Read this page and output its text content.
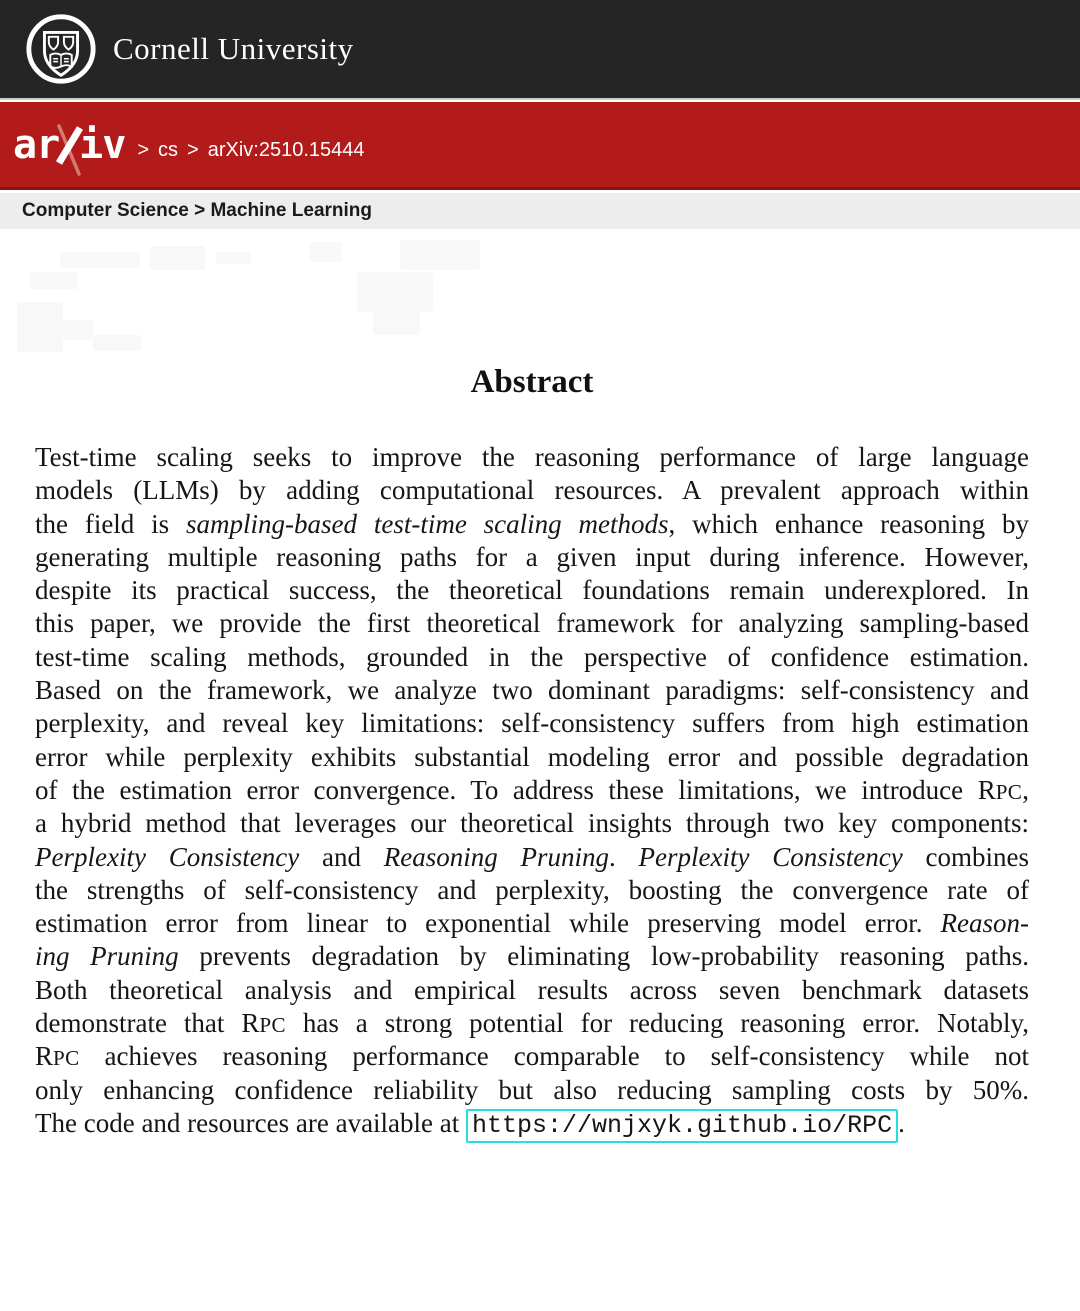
Cornell University
ar iv > cs > arXiv:2510.15444
Computer Science > Machine Learning
Abstract
Test-time scaling seeks to improve the reasoning performance of large language
models (LLMs) by adding computational resources. A prevalent approach within
the field is sampling-based test-time scaling methods, which enhance reasoning by
generating multiple reasoning paths for a given input during inference. However,
despite its practical success, the theoretical foundations remain underexplored. In
this paper, we provide the first theoretical framework for analyzing sampling-based
test-time scaling methods, grounded in the perspective of confidence estimation.
Based on the framework, we analyze two dominant paradigms: self-consistency and
perplexity, and reveal key limitations: self-consistency suffers from high estimation
error while perplexity exhibits substantial modeling error and possible degradation
of the estimation error convergence. To address these limitations, we introduce RPC,
a hybrid method that leverages our theoretical insights through two key components:
Perplexity Consistency and Reasoning Pruning. Perplexity Consistency combines
the strengths of self-consistency and perplexity, boosting the convergence rate of
estimation error from linear to exponential while preserving model error. Reason-
ing Pruning prevents degradation by eliminating low-probability reasoning paths.
Both theoretical analysis and empirical results across seven benchmark datasets
demonstrate that RPC has a strong potential for reducing reasoning error. Notably,
RPC achieves reasoning performance comparable to self-consistency while not
only enhancing confidence reliability but also reducing sampling costs by 50%.
The code and resources are available at https://wnjxyk.github.io/RPC .
